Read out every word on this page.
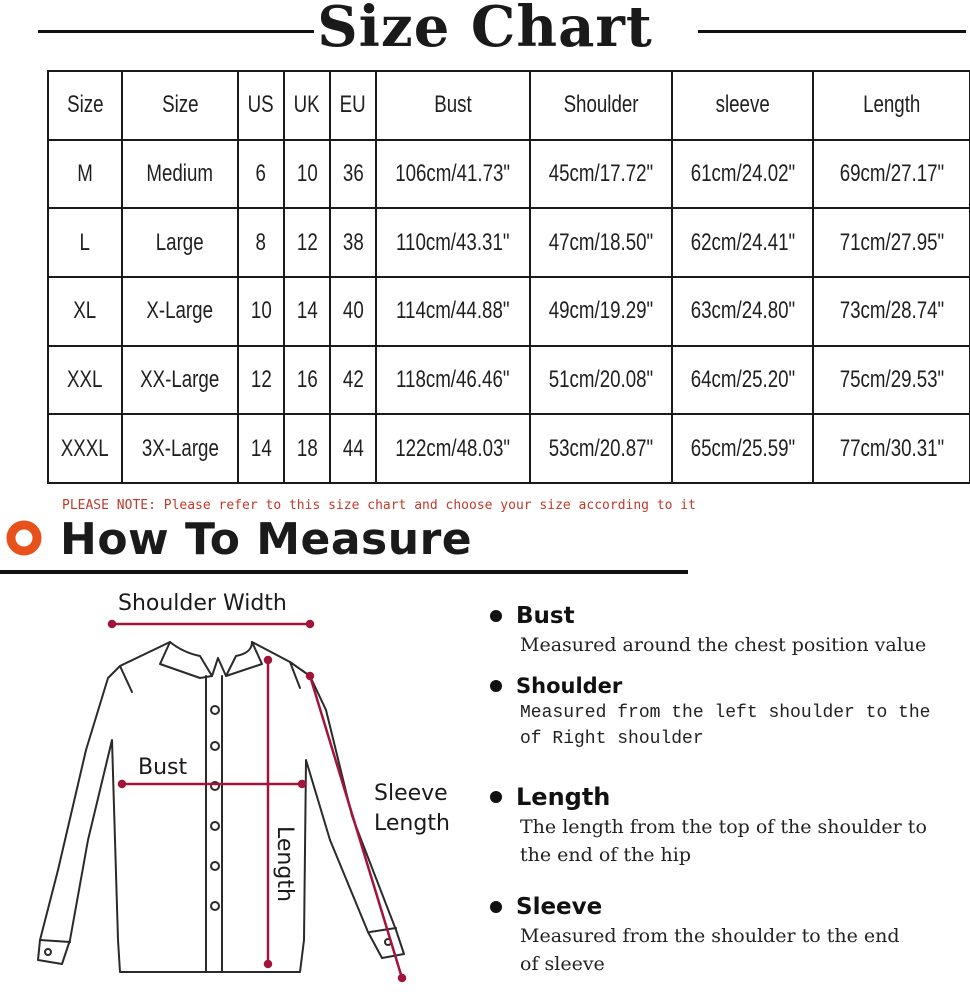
Size Chart
Size	Size	US	UK	EU	Bust	Shoulder	sleeve	Length
M	Medium	6	10	36	106cm/41.73"	45cm/17.72"	61cm/24.02"	69cm/27.17"
L	Large	8	12	38	110cm/43.31"	47cm/18.50"	62cm/24.41"	71cm/27.95"
XL	X-Large	10	14	40	114cm/44.88"	49cm/19.29"	63cm/24.80"	73cm/28.74"
XXL	XX-Large	12	16	42	118cm/46.46"	51cm/20.08"	64cm/25.20"	75cm/29.53"
XXXL	3X-Large	14	18	44	122cm/48.03"	53cm/20.87"	65cm/25.59"	77cm/30.31"
PLEASE NOTE: Please refer to this size chart and choose your size according to it
How To Measure
Shoulder Width
Bust
Length
Sleeve
Length
Bust
Measured around the chest position value
Shoulder
Measured from the left shoulder to the
of Right shoulder
Length
The length from the top of the shoulder to
the end of the hip
Sleeve
Measured from the shoulder to the end
of sleeve
